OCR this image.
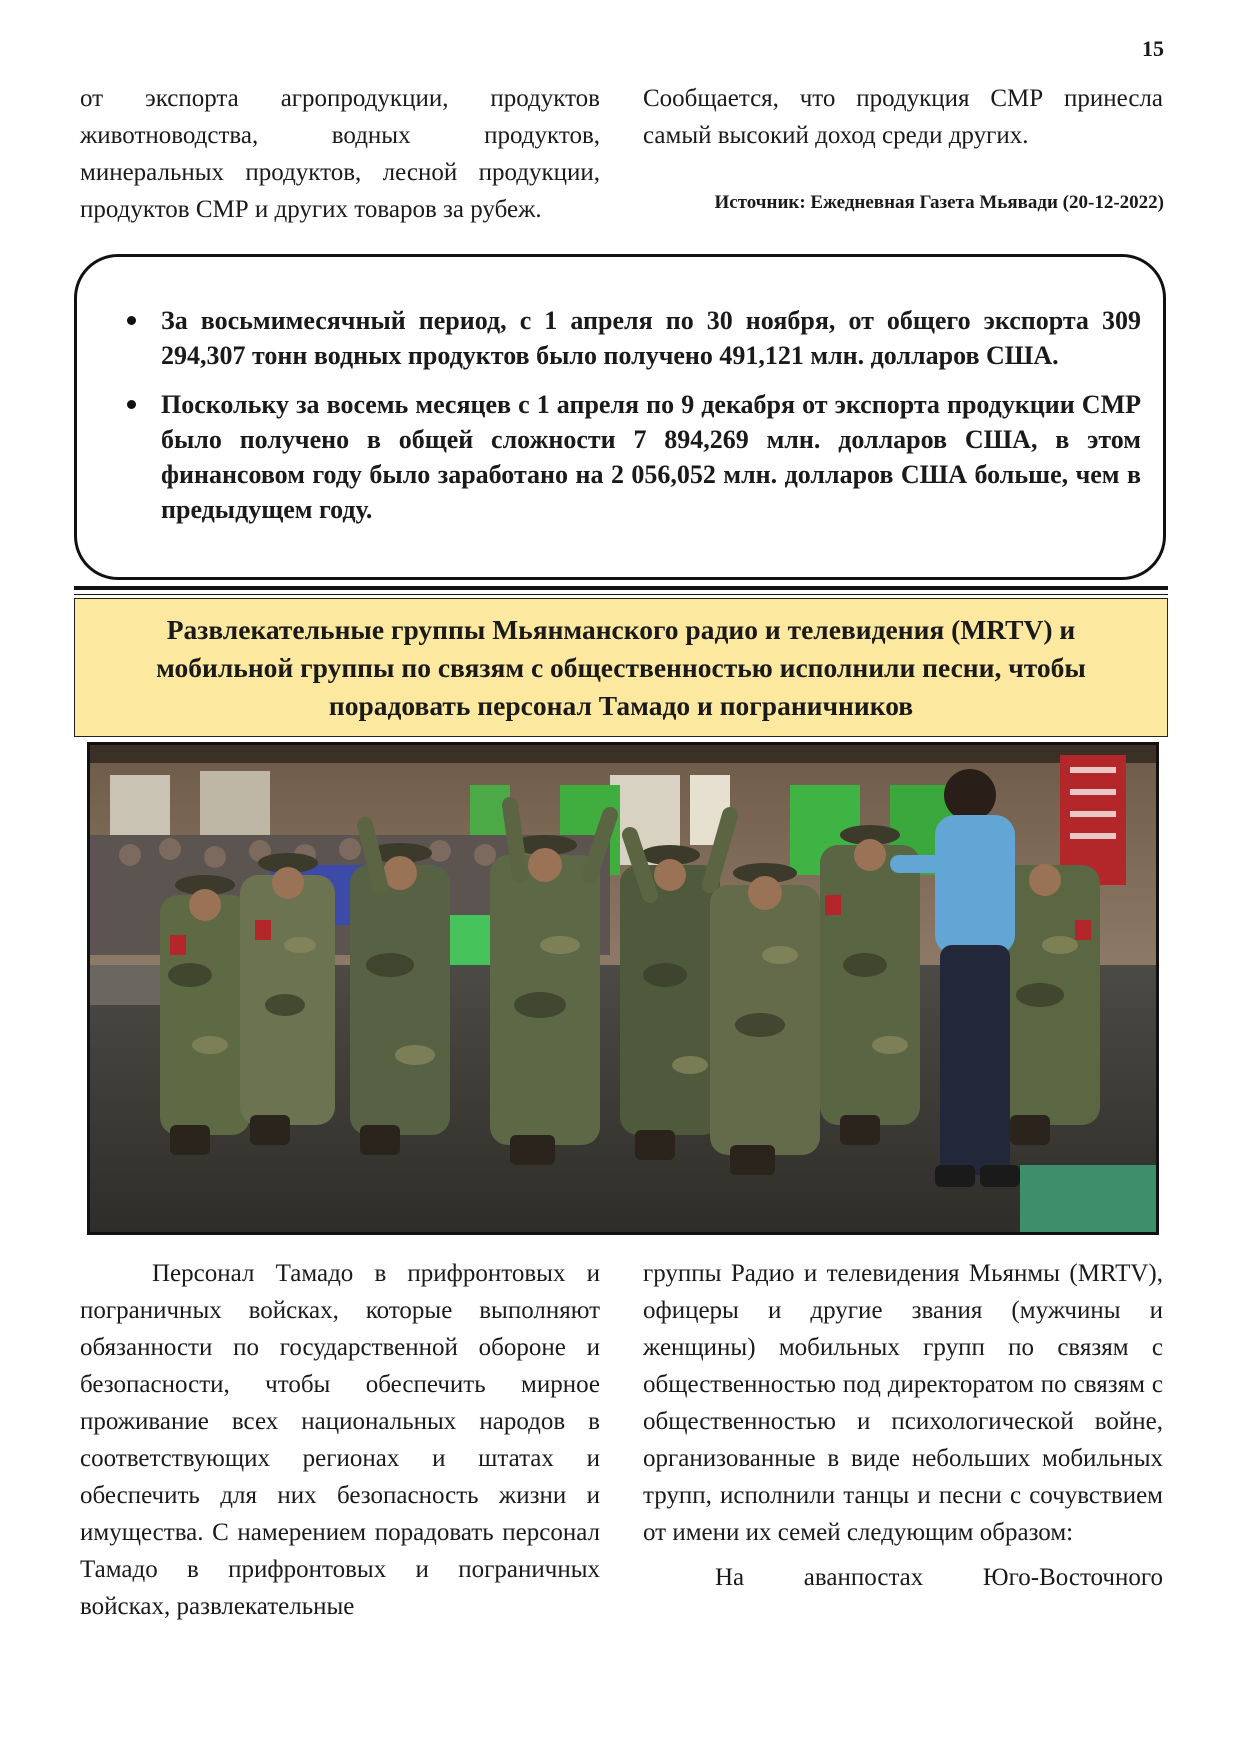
15

от экспорта агропродукции, продуктов животноводства, водных продуктов, минеральных продуктов, лесной продукции, продуктов СМР и других товаров за рубеж.

Сообщается, что продукция СМР принесла самый высокий доход среди других.

Источник: Ежедневная Газета Мьявади (20-12-2022)
За восьмимесячный период, с 1 апреля по 30 ноября, от общего экспорта 309 294,307 тонн водных продуктов было получено 491,121 млн. долларов США.
Поскольку за восемь месяцев с 1 апреля по 9 декабря от экспорта продукции СМР было получено в общей сложности 7 894,269 млн. долларов США, в этом финансовом году было заработано на 2 056,052 млн. долларов США больше, чем в предыдущем году.
Развлекательные группы Мьянманского радио и телевидения (MRTV) и мобильной группы по связям с общественностью исполнили песни, чтобы порадовать персонал Тамадо и пограничников

Персонал Тамадо в прифронтовых и пограничных войсках, которые выполняют обязанности по государственной обороне и безопасности, чтобы обеспечить мирное проживание всех национальных народов в соответствующих регионах и штатах и обеспечить для них безопасность жизни и имущества. С намерением порадовать персонал Тамадо в прифронтовых и пограничных войсках, развлекательные

группы Радио и телевидения Мьянмы (MRTV), офицеры и другие звания (мужчины и женщины) мобильных групп по связям с общественностью под директоратом по связям с общественностью и психологической войне, организованные в виде небольших мобильных трупп, исполнили танцы и песни с сочувствием от имени их семей следующим образом:

На аванпостах Юго-Восточного
